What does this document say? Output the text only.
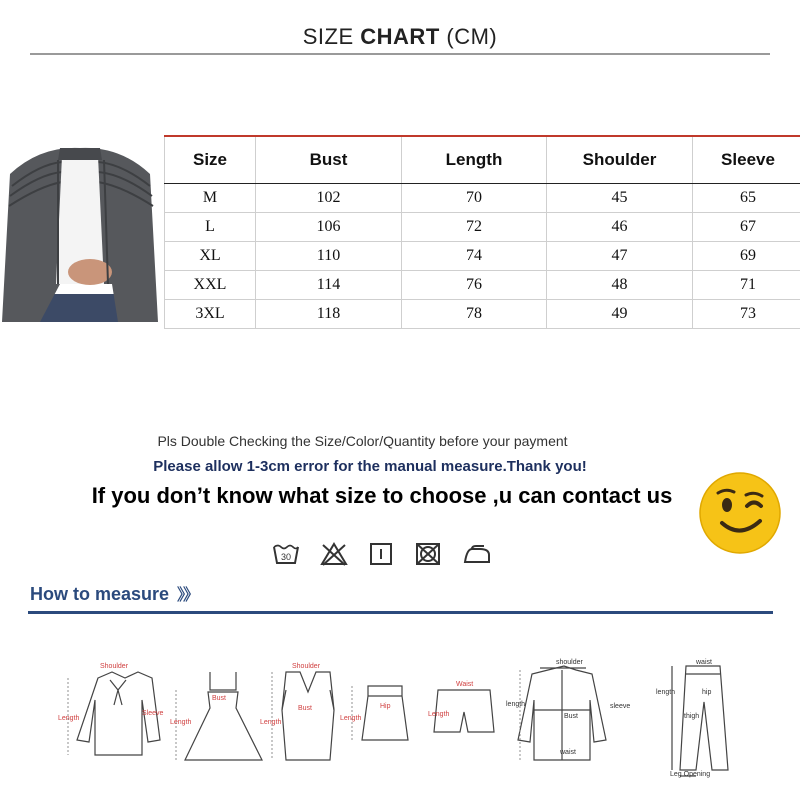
SIZE CHART (CM)
Size	Bust	Length	Shoulder	Sleeve
M	102	70	45	65
L	106	72	46	67
XL	110	74	47	69
XXL	114	76	48	71
3XL	118	78	49	73
Pls Double Checking the Size/Color/Quantity before your payment
Please allow 1-3cm error for the manual measure.Thank you!
If you don’t know what size to choose ,u can contact us
30
How to measure 》》
Shoulder
Length
Sleeve
Bust
Length
Shoulder
Length
Bust	Hip
Length
Waist
Length
shoulder
length	sleeve
Bust
waist
waist
length	hip
thigh
Leg Opening
